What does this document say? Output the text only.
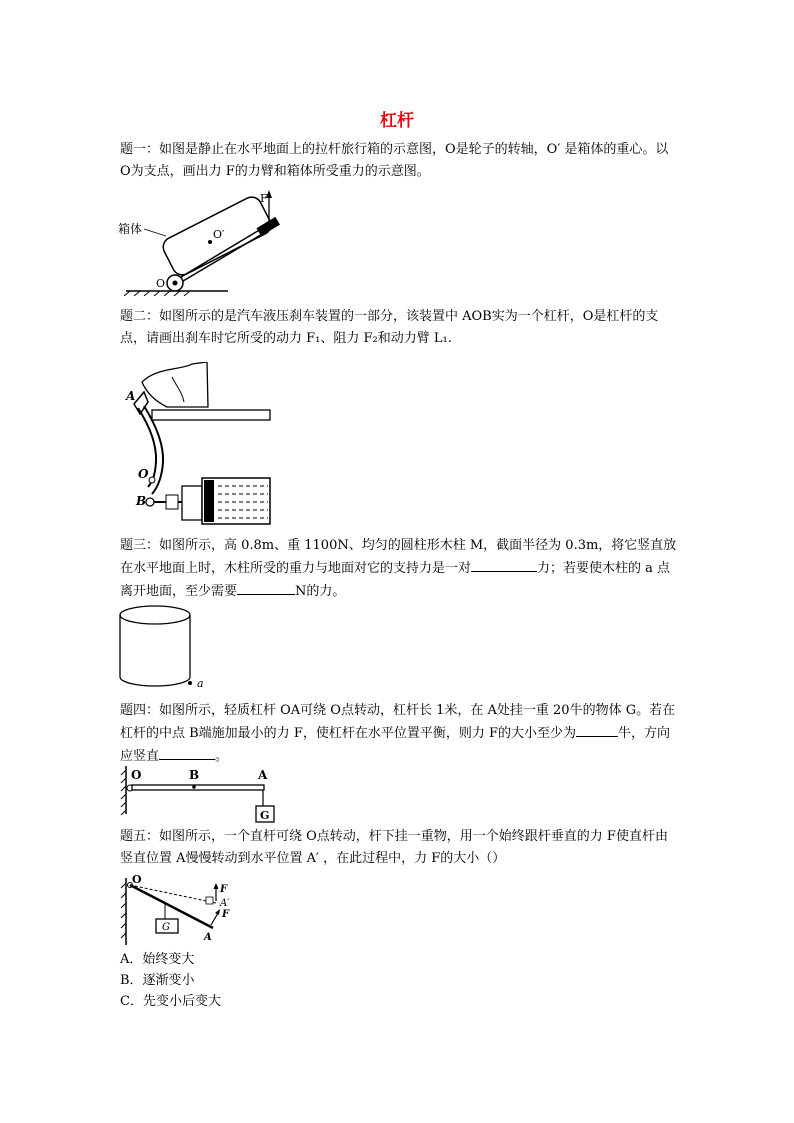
杠杆
题一：如图是静止在水平地面上的拉杆旅行箱的示意图，O是轮子的转轴，O′ 是箱体的重心。以 O为支点，画出力 F的力臂和箱体所受重力的示意图。
F
O′
箱体
O
题二：如图所示的是汽车液压刹车装置的一部分，该装置中 AOB实为一个杠杆，O是杠杆的支点，请画出刹车时它所受的动力 F₁、阻力 F₂和动力臂 L₁.
A
O
B
题三：如图所示，高 0.8m、重 1100N、均匀的圆柱形木柱 M，截面半径为 0.3m，将它竖直放在水平地面上时，木柱所受的重力与地面对它的支持力是一对	力；若要使木柱的 a 点离开地面，至少需要	N的力。
a
题四：如图所示，轻质杠杆 OA可绕 O点转动，杠杆长 1米，在 A处挂一重 20牛的物体 G。若在杠杆的中点 B端施加最小的力 F，使杠杆在水平位置平衡，则力 F的大小至少为	牛，方向应竖直	。
O	B	A
G
题五：如图所示，一个直杆可绕 O点转动，杆下挂一重物，用一个始终跟杆垂直的力 F使直杆由竖直位置 A慢慢转动到水平位置 A′ ，在此过程中，力 F的大小（）
O
F
A′
F
A
G
A．始终变大
B．逐渐变小
C．先变小后变大
